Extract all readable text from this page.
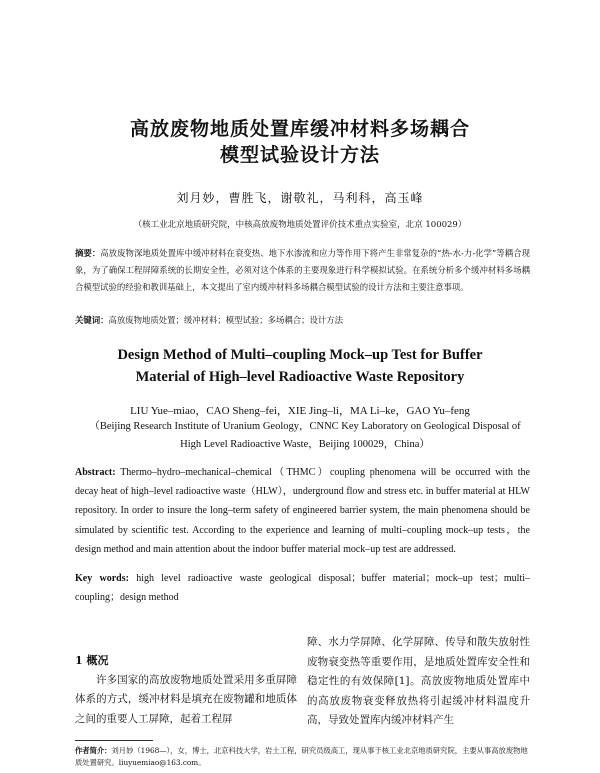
高放废物地质处置库缓冲材料多场耦合
模型试验设计方法
刘月妙，曹胜飞，谢敬礼，马利科，高玉峰
（核工业北京地质研究院，中核高放废物地质处置评价技术重点实验室，北京 100029）
摘要：高放废物深地质处置库中缓冲材料在衰变热、地下水渗流和应力等作用下将产生非常复杂的“热-水-力-化学”等耦合现象，为了确保工程屏障系统的长期安全性，必须对这个体系的主要现象进行科学模拟试验。在系统分析多个缓冲材料多场耦合模型试验的经验和教训基础上，本文提出了室内缓冲材料多场耦合模型试验的设计方法和主要注意事项。
关键词：高放废物地质处置；缓冲材料；模型试验；多场耦合；设计方法
Design Method of Multi–coupling Mock–up Test for Buffer
Material of High–level Radioactive Waste Repository
LIU Yue–miao，CAO Sheng–fei，XIE Jing–li，MA Li–ke，GAO Yu–feng
（Beijing Research Institute of Uranium Geology，CNNC Key Laboratory on Geological Disposal of
High Level Radioactive Waste，Beijing 100029，China）
Abstract: Thermo–hydro–mechanical–chemical（THMC）coupling phenomena will be occurred with the decay heat of high–level radioactive waste（HLW），underground flow and stress etc. in buffer material at HLW repository. In order to insure the long–term safety of engineered barrier system, the main phenomena should be simulated by scientific test. According to the experience and learning of multi–coupling mock–up tests，the design method and main attention about the indoor buffer material mock–up test are addressed.
Key words: high level radioactive waste geological disposal；buffer material；mock–up test；multi–coupling；design method
1 概况
许多国家的高放废物地质处置采用多重屏障体系的方式，缓冲材料是填充在废物罐和地质体之间的重要人工屏障，起着工程屏
障、水力学屏障、化学屏障、传导和散失放射性废物衰变热等重要作用，是地质处置库安全性和稳定性的有效保障[1]。高放废物地质处置库中的高放废物衰变释放热将引起缓冲材料温度升高，导致处置库内缓冲材料产生
作者简介：刘月妙（1968—），女，博士，北京科技大学，岩土工程，研究员级高工，现从事于核工业北京地质研究院，主要从事高放废物地质处置研究。liuyuemiao@163.com。
